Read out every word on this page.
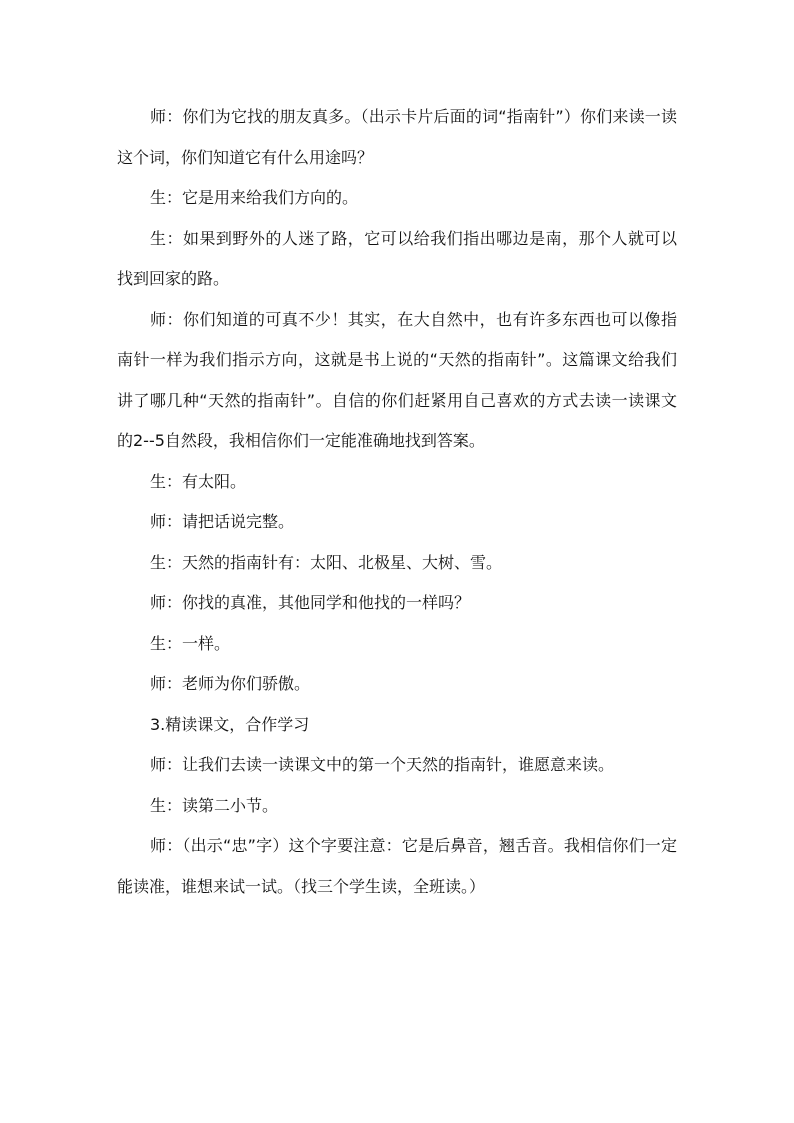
师：你们为它找的朋友真多。（出示卡片后面的词“指南针”）你们来读一读这个词，你们知道它有什么用途吗？

生：它是用来给我们方向的。

生：如果到野外的人迷了路，它可以给我们指出哪边是南，那个人就可以找到回家的路。

师：你们知道的可真不少！其实，在大自然中，也有许多东西也可以像指南针一样为我们指示方向，这就是书上说的“天然的指南针”。这篇课文给我们讲了哪几种“天然的指南针”。自信的你们赶紧用自己喜欢的方式去读一读课文的2--5自然段，我相信你们一定能准确地找到答案。

生：有太阳。

师：请把话说完整。

生：天然的指南针有：太阳、北极星、大树、雪。

师：你找的真准，其他同学和他找的一样吗？

生：一样。

师：老师为你们骄傲。

3.精读课文，合作学习

师：让我们去读一读课文中的第一个天然的指南针，谁愿意来读。

生：读第二小节。

师：（出示“忠”字）这个字要注意：它是后鼻音，翘舌音。我相信你们一定能读准，谁想来试一试。（找三个学生读，全班读。）
